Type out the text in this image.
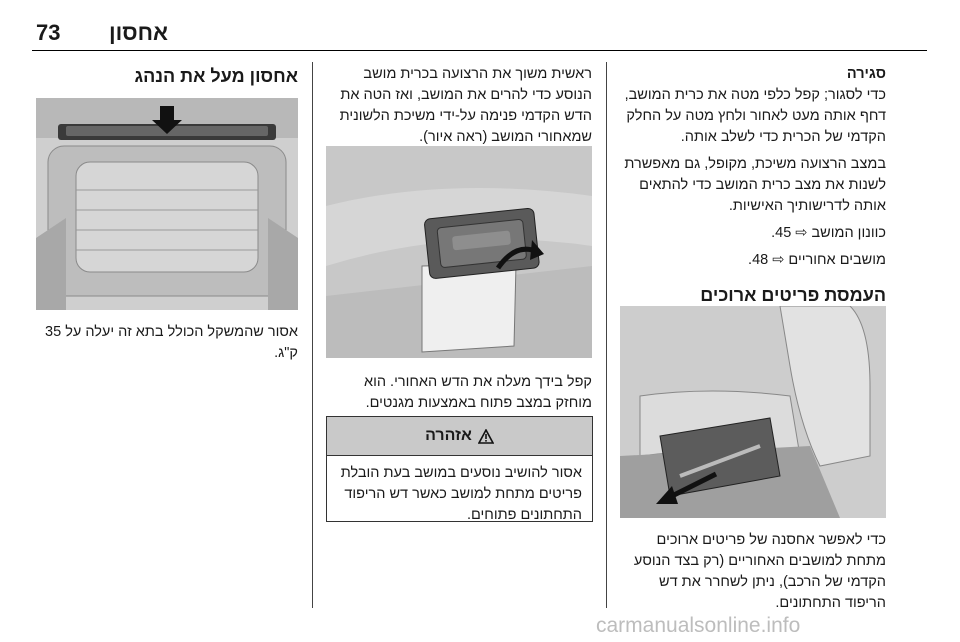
73 אחסון

אחסון מעל את הנהג

אסור שהמשקל הכולל בתא זה יעלה על 35 ק"ג.

ראשית משוך את הרצועה בכרית מושב הנוסע כדי להרים את המושב, ואז הטה את הדש הקדמי פנימה על-ידי משיכת הלשונית שמאחורי המושב (ראה איור).

קפל בידך מעלה את הדש האחורי. הוא מוחזק במצב פתוח באמצעות מגנטים.

אזהרה
אסור להושיב נוסעים במושב בעת הובלת פריטים מתחת למושב כאשר דש הריפוד התחתונים פתוחים.

סגירה

כדי לסגור; קפל כלפי מטה את כרית המושב, דחף אותה מעט לאחור ולחץ מטה על החלק הקדמי של הכרית כדי לשלב אותה.

במצב הרצועה משיכת, מקופל, גם מאפשרת לשנות את מצב כרית המושב כדי להתאים אותה לדרישותיך האישיות.

כוונון המושב ⇨ 45.

מושבים אחוריים ⇨ 48.

העמסת פריטים ארוכים

כדי לאפשר אחסנה של פריטים ארוכים מתחת למושבים האחוריים (רק בצד הנוסע הקדמי של הרכב), ניתן לשחרר את דש הריפוד התחתונים.

carmanualsonline.info
